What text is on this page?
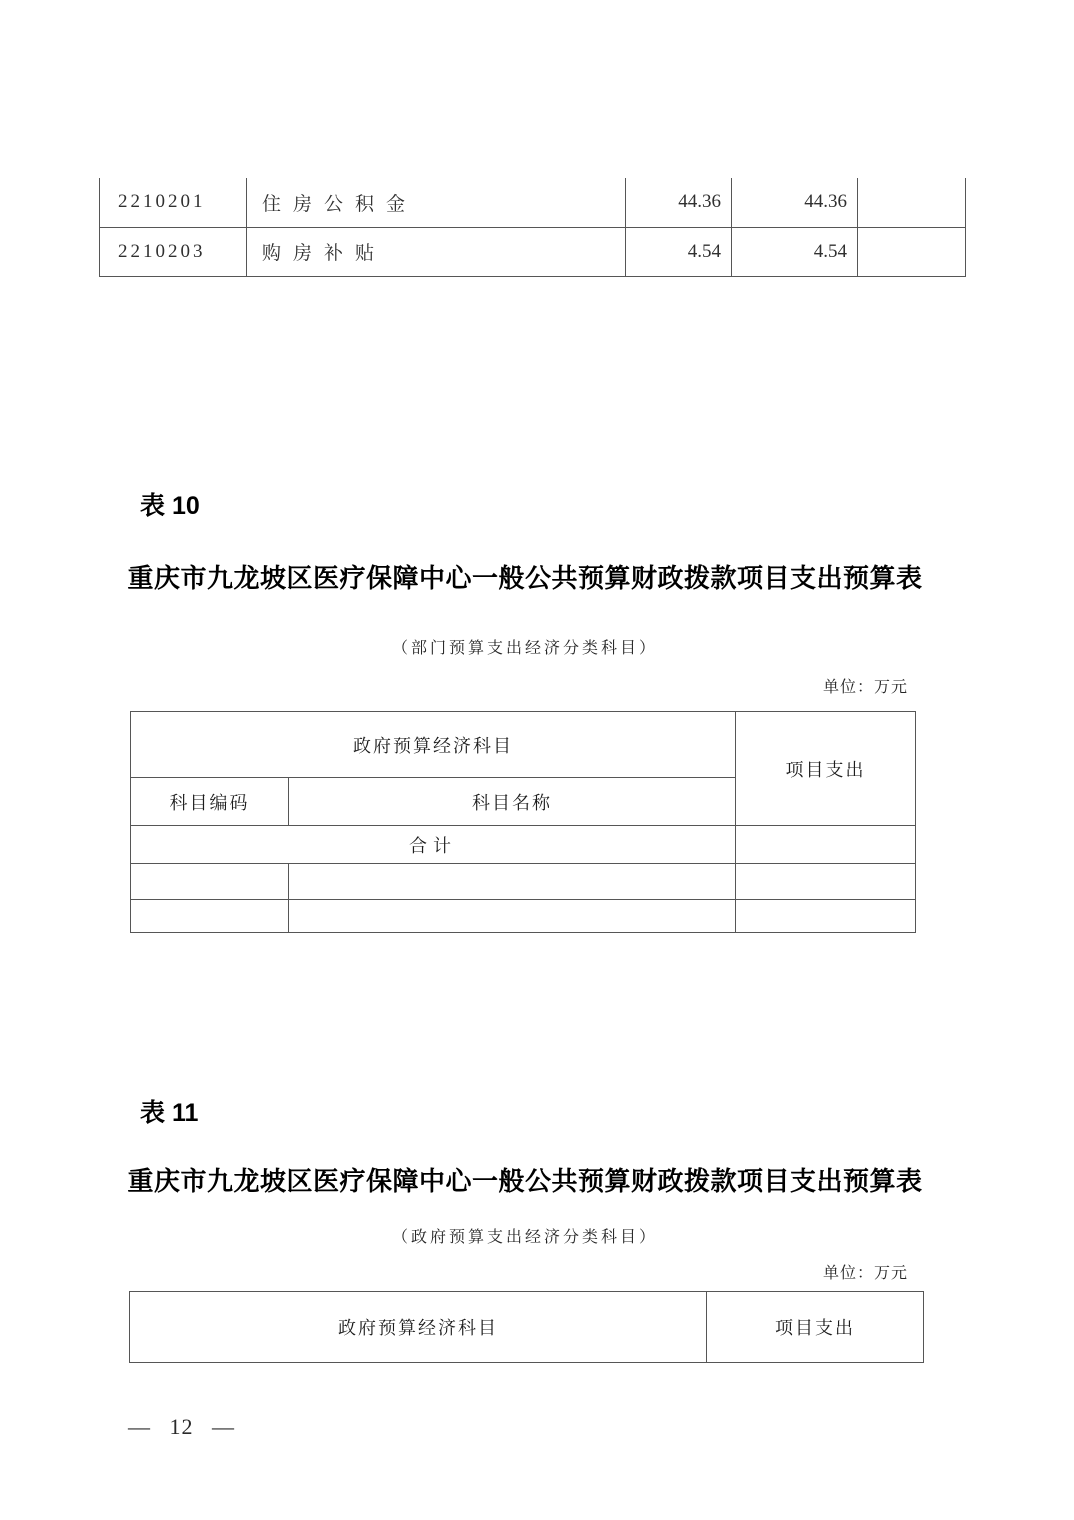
2210201	住房公积金	44.36	44.36	
2210203	购房补贴	4.54	4.54	
表 10
重庆市九龙坡区医疗保障中心一般公共预算财政拨款项目支出预算表
（部门预算支出经济分类科目）
单位：万元
政府预算经济科目		项目支出
科目编码	科目名称	
合计		

表 11
重庆市九龙坡区医疗保障中心一般公共预算财政拨款项目支出预算表
（政府预算支出经济分类科目）
单位：万元
政府预算经济科目	项目支出
— 12 —
